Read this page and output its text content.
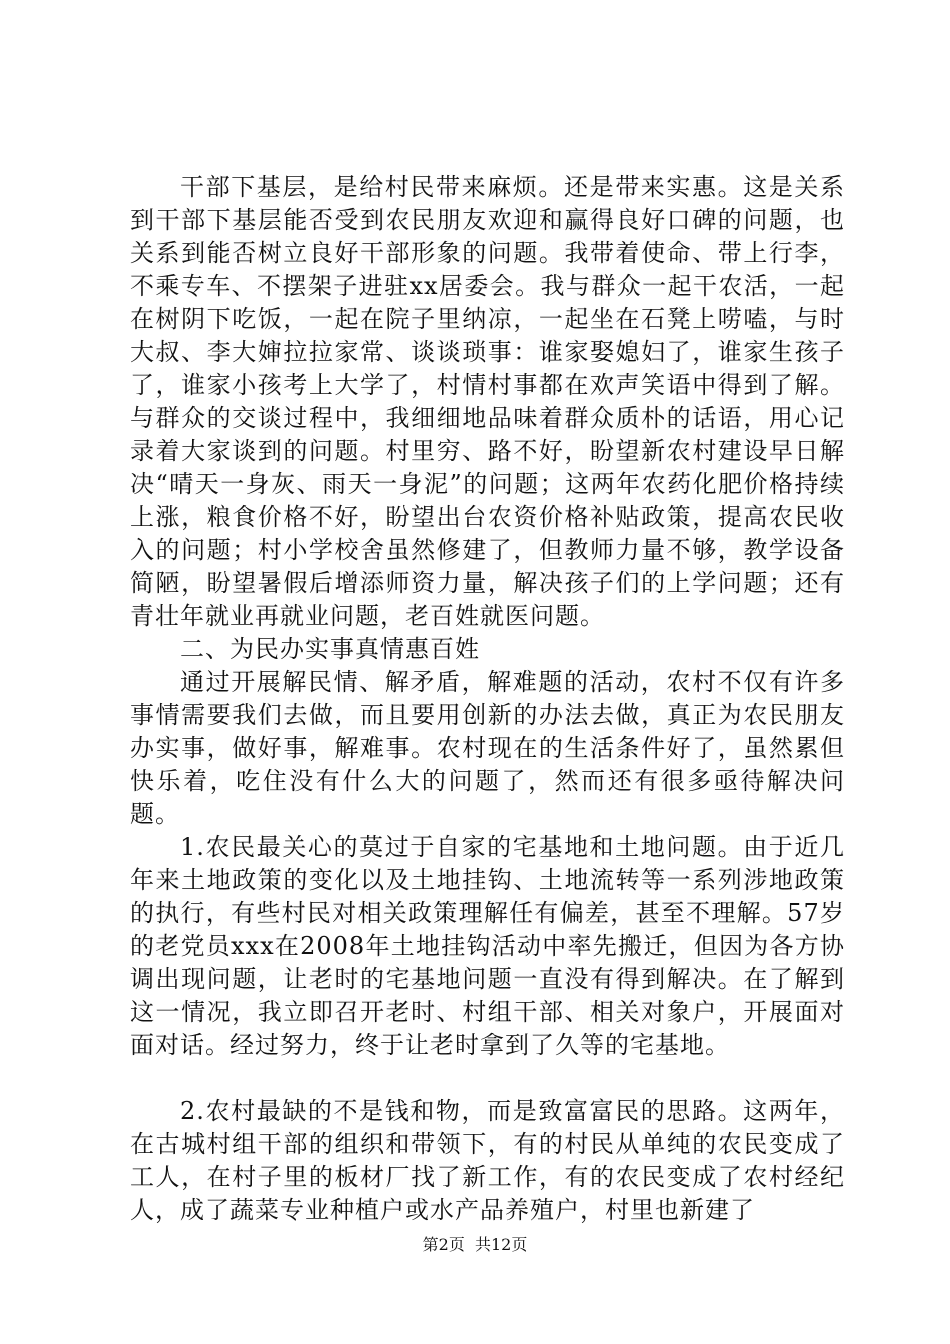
干部下基层，是给村民带来麻烦。还是带来实惠。这是关系到干部下基层能否受到农民朋友欢迎和赢得良好口碑的问题，也关系到能否树立良好干部形象的问题。我带着使命、带上行李，不乘专车、不摆架子进驻xx居委会。我与群众一起干农活，一起在树阴下吃饭，一起在院子里纳凉，一起坐在石凳上唠嗑，与时大叔、李大婶拉拉家常、谈谈琐事：谁家娶媳妇了，谁家生孩子了，谁家小孩考上大学了，村情村事都在欢声笑语中得到了解。与群众的交谈过程中，我细细地品味着群众质朴的话语，用心记录着大家谈到的问题。村里穷、路不好，盼望新农村建设早日解决“晴天一身灰、雨天一身泥”的问题；这两年农药化肥价格持续上涨，粮食价格不好，盼望出台农资价格补贴政策，提高农民收入的问题；村小学校舍虽然修建了，但教师力量不够，教学设备简陋，盼望暑假后增添师资力量，解决孩子们的上学问题；还有青壮年就业再就业问题，老百姓就医问题。

二、为民办实事真情惠百姓

通过开展解民情、解矛盾，解难题的活动，农村不仅有许多事情需要我们去做，而且要用创新的办法去做，真正为农民朋友办实事，做好事，解难事。农村现在的生活条件好了，虽然累但快乐着，吃住没有什么大的问题了，然而还有很多亟待解决问题。

1.农民最关心的莫过于自家的宅基地和土地问题。由于近几年来土地政策的变化以及土地挂钩、土地流转等一系列涉地政策的执行，有些村民对相关政策理解任有偏差，甚至不理解。57岁的老党员xxx在2008年土地挂钩活动中率先搬迁，但因为各方协调出现问题，让老时的宅基地问题一直没有得到解决。在了解到这一情况，我立即召开老时、村组干部、相关对象户，开展面对面对话。经过努力，终于让老时拿到了久等的宅基地。

2.农村最缺的不是钱和物，而是致富富民的思路。这两年，在古城村组干部的组织和带领下，有的村民从单纯的农民变成了工人，在村子里的板材厂找了新工作，有的农民变成了农村经纪人，成了蔬菜专业种植户或水产品养殖户，村里也新建了

第2页  共12页
